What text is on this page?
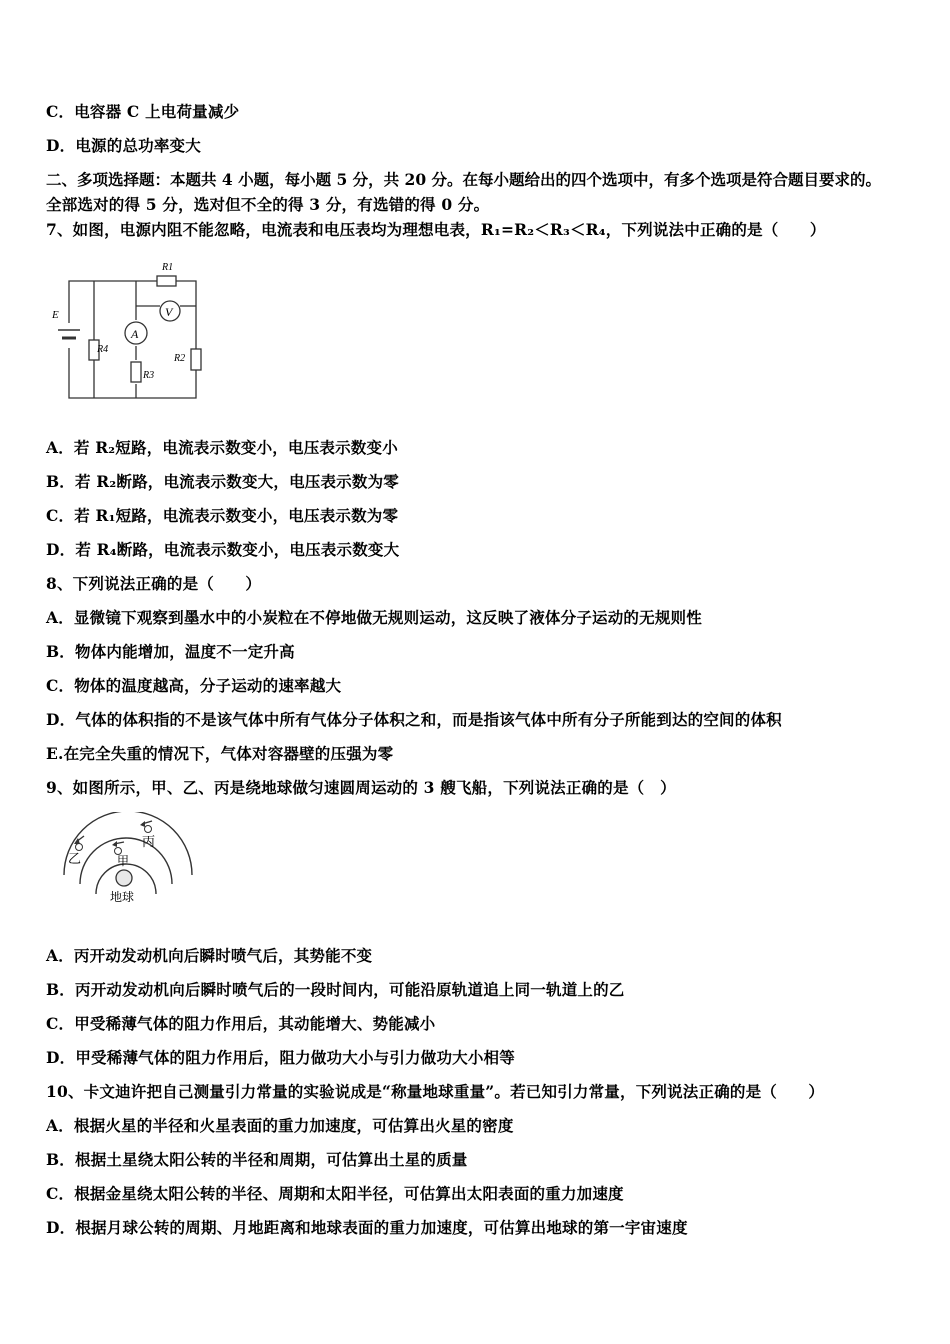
C．电容器 C 上电荷量减少
D．电源的总功率变大
二、多项选择题：本题共 4 小题，每小题 5 分，共 20 分。在每小题给出的四个选项中，有多个选项是符合题目要求的。
全部选对的得 5 分，选对但不全的得 3 分，有选错的得 0 分。
7、如图，电源内阻不能忽略，电流表和电压表均为理想电表，R₁=R₂＜R₃＜R₄，下列说法中正确的是（　　）
E
R1
R4
R3
R2
A
V
A．若 R₂短路，电流表示数变小，电压表示数变小
B．若 R₂断路，电流表示数变大，电压表示数为零
C．若 R₁短路，电流表示数变小，电压表示数为零
D．若 R₄断路，电流表示数变小，电压表示数变大
8、下列说法正确的是（　　）
A．显微镜下观察到墨水中的小炭粒在不停地做无规则运动，这反映了液体分子运动的无规则性
B．物体内能增加，温度不一定升高
C．物体的温度越高，分子运动的速率越大
D．气体的体积指的不是该气体中所有气体分子体积之和，而是指该气体中所有分子所能到达的空间的体积
E.在完全失重的情况下，气体对容器壁的压强为零
9、如图所示，甲、乙、丙是绕地球做匀速圆周运动的 3 艘飞船，下列说法正确的是（　）
乙	甲
丙
地球
A．丙开动发动机向后瞬时喷气后，其势能不变
B．丙开动发动机向后瞬时喷气后的一段时间内，可能沿原轨道追上同一轨道上的乙
C．甲受稀薄气体的阻力作用后，其动能增大、势能减小
D．甲受稀薄气体的阻力作用后，阻力做功大小与引力做功大小相等
10、卡文迪许把自己测量引力常量的实验说成是“称量地球重量”。若已知引力常量，下列说法正确的是（　　）
A．根据火星的半径和火星表面的重力加速度，可估算出火星的密度
B．根据土星绕太阳公转的半径和周期，可估算出土星的质量
C．根据金星绕太阳公转的半径、周期和太阳半径，可估算出太阳表面的重力加速度
D．根据月球公转的周期、月地距离和地球表面的重力加速度，可估算出地球的第一宇宙速度
